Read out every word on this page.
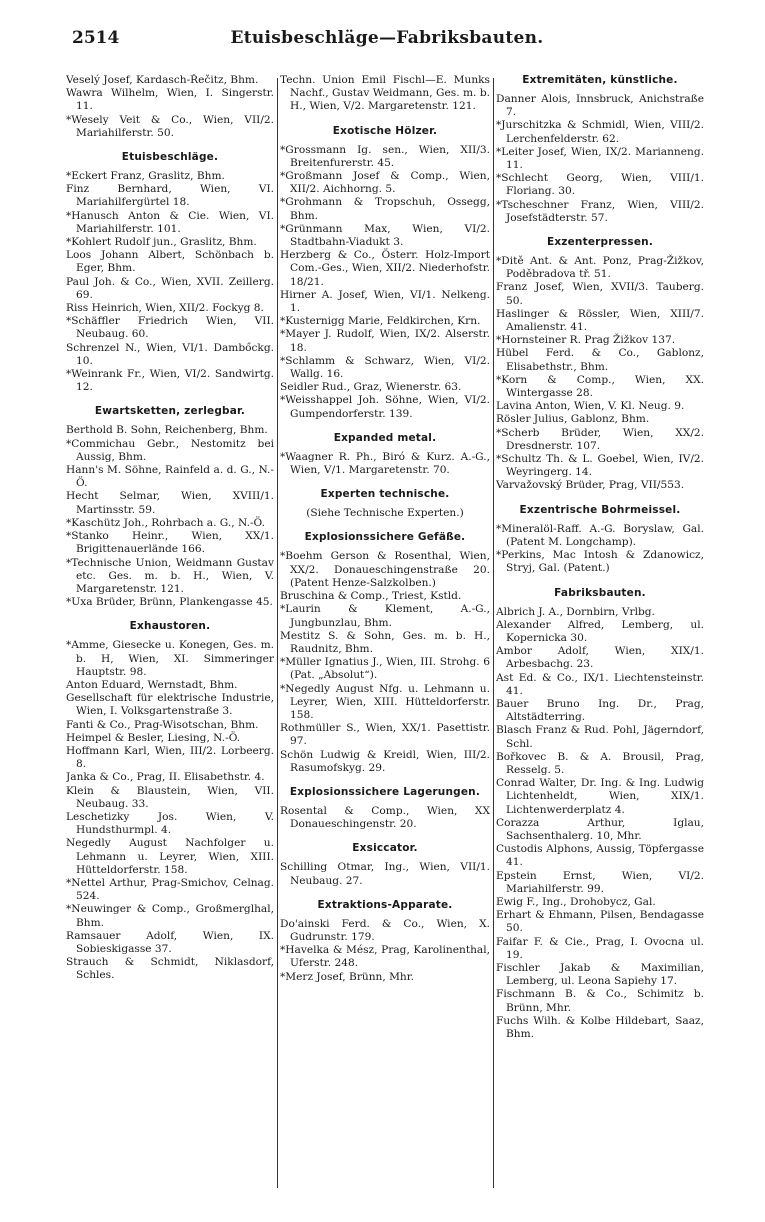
2514	Etuisbeschläge—Fabriksbauten.

Veselý Josef, Kardasch-Řečitz, Bhm.

Wawra Wilhelm, Wien, I. Singerstr. 11.

*Wesely Veit & Co., Wien, VII/2. Mariahilferstr. 50.

Etuisbeschläge.

*Eckert Franz, Graslitz, Bhm.

Finz Bernhard, Wien, VI. Mariahilfergürtel 18.

*Hanusch Anton & Cie. Wien, VI. Mariahilferstr. 101.

*Kohlert Rudolf jun., Graslitz, Bhm.

Loos Johann Albert, Schönbach b. Eger, Bhm.

Paul Joh. & Co., Wien, XVII. Zeillerg. 69.

Riss Heinrich, Wien, XII/2. Fockyg 8.

*Schäffler Friedrich Wien, VII. Neubaug. 60.

Schrenzel N., Wien, VI/1. Dambőckg. 10.

*Weinrank Fr., Wien, VI/2. Sandwirtg. 12.

Ewartsketten, zerlegbar.

Berthold B. Sohn, Reichenberg, Bhm.

*Commichau Gebr., Nestomitz bei Aussig, Bhm.

Hann's M. Söhne, Rainfeld a. d. G., N.-Ö.

Hecht Selmar, Wien, XVIII/1. Martinsstr. 59.

*Kaschütz Joh., Rohrbach a. G., N.-Ö.

*Stanko Heinr., Wien, XX/1. Brigittenauerlände 166.

*Technische Union, Weidmann Gustav etc. Ges. m. b. H., Wien, V. Margaretenstr. 121.

*Uxa Brüder, Brünn, Plankengasse 45.

Exhaustoren.

*Amme, Giesecke u. Konegen, Ges. m. b. H, Wien, XI. Simmeringer Hauptstr. 98.

Anton Eduard, Wernstadt, Bhm.

Gesellschaft für elektrische Industrie, Wien, I. Volksgartenstraße 3.

Fanti & Co., Prag-Wisotschan, Bhm.

Heimpel & Besler, Liesing, N.-Ö.

Hoffmann Karl, Wien, III/2. Lorbeerg. 8.

Janka & Co., Prag, II. Elisabethstr. 4.

Klein & Blaustein, Wien, VII. Neubaug. 33.

Leschetizky Jos. Wien, V. Hundsthurmpl. 4.

Negedly August Nachfolger u. Lehmann u. Leyrer, Wien, XIII. Hütteldorferstr. 158.

*Nettel Arthur, Prag-Smichov, Celnag. 524.

*Neuwinger & Comp., Großmerglhal, Bhm.

Ramsauer Adolf, Wien, IX. Sobieskigasse 37.

Strauch & Schmidt, Niklasdorf, Schles.

Techn. Union Emil Fischl—E. Munks Nachf., Gustav Weidmann, Ges. m. b. H., Wien, V/2. Margaretenstr. 121.

Exotische Hölzer.

*Grossmann Ig. sen., Wien, XII/3. Breitenfurerstr. 45.

*Großmann Josef & Comp., Wien, XII/2. Aichhorng. 5.

*Grohmann & Tropschuh, Ossegg, Bhm.

*Grünmann Max, Wien, VI/2. Stadtbahn-Viadukt 3.

Herzberg & Co., Österr. Holz-Import Com.-Ges., Wien, XII/2. Niederhofstr. 18/21.

Hirner A. Josef, Wien, VI/1. Nelkeng. 1.

*Kusternigg Marie, Feldkirchen, Krn.

*Mayer J. Rudolf, Wien, IX/2. Alserstr. 18.

*Schlamm & Schwarz, Wien, VI/2. Wallg. 16.

Seidler Rud., Graz, Wienerstr. 63.

*Weisshappel Joh. Söhne, Wien, VI/2. Gumpendorferstr. 139.

Expanded metal.

*Waagner R. Ph., Biró & Kurz. A.-G., Wien, V/1. Margaretenstr. 70.

Experten technische.
(Siehe Technische Experten.)
Explosionssichere Gefäße.

*Boehm Gerson & Rosenthal, Wien, XX/2. Donaueschingenstraße 20. (Patent Henze-Salzkolben.)

Bruschina & Comp., Triest, Kstld.

*Laurin & Klement, A.-G., Jungbunzlau, Bhm.

Mestitz S. & Sohn, Ges. m. b. H., Raudnitz, Bhm.

*Müller Ignatius J., Wien, III. Strohg. 6 (Pat. „Absolut“).

*Negedly August Nfg. u. Lehmann u. Leyrer, Wien, XIII. Hütteldorferstr. 158.

Rothmüller S., Wien, XX/1. Pasettistr. 97.

Schön Ludwig & Kreidl, Wien, III/2. Rasumofskyg. 29.

Explosionssichere Lagerungen.

Rosental & Comp., Wien, XX Donaueschingenstr. 20.

Exsiccator.

Schilling Otmar, Ing., Wien, VII/1. Neubaug. 27.

Extraktions-Apparate.

Do'ainski Ferd. & Co., Wien, X. Gudrunstr. 179.

*Havelka & Mész, Prag, Karolinenthal, Uferstr. 248.

*Merz Josef, Brünn, Mhr.

Extremitäten, künstliche.

Danner Alois, Innsbruck, Anichstraße 7.

*Jurschitzka & Schmidl, Wien, VIII/2. Lerchenfelderstr. 62.

*Leiter Josef, Wien, IX/2. Marianneng. 11.

*Schlecht Georg, Wien, VIII/1. Floriang. 30.

*Tscheschner Franz, Wien, VIII/2. Josefstädterstr. 57.

Exzenterpressen.

*Ditě Ant. & Ant. Ponz, Prag-Žižkov, Poděbradova tř. 51.

Franz Josef, Wien, XVII/3. Tauberg. 50.

Haslinger & Rössler, Wien, XIII/7. Amalienstr. 41.

*Hornsteiner R. Prag Žižkov 137.

Hübel Ferd. & Co., Gablonz, Elisabethstr., Bhm.

*Korn & Comp., Wien, XX. Wintergasse 28.

Lavina Anton, Wien, V. Kl. Neug. 9.

Rösler Julius, Gablonz, Bhm.

*Scherb Brüder, Wien, XX/2. Dresdnerstr. 107.

*Schultz Th. & L. Goebel, Wien, IV/2. Weyringerg. 14.

Varvažovský Brüder, Prag, VII/553.

Exzentrische Bohrmeissel.

*Mineralöl-Raff. A.-G. Boryslaw, Gal. (Patent M. Longchamp).

*Perkins, Mac Intosh & Zdanowicz, Stryj, Gal. (Patent.)

Fabriksbauten.

Albrich J. A., Dornbirn, Vrlbg.

Alexander Alfred, Lemberg, ul. Kopernicka 30.

Ambor Adolf, Wien, XIX/1. Arbesbachg. 23.

Ast Ed. & Co., IX/1. Liechtensteinstr. 41.

Bauer Bruno Ing. Dr., Prag, Altstädterring.

Blasch Franz & Rud. Pohl, Jägerndorf, Schl.

Bořkovec B. & A. Brousil, Prag, Resselg. 5.

Conrad Walter, Dr. Ing. & Ing. Ludwig Lichtenheldt, Wien, XIX/1. Lichtenwerderplatz 4.

Corazza Arthur, Iglau, Sachsenthalerg. 10, Mhr.

Custodis Alphons, Aussig, Töpfergasse 41.

Epstein Ernst, Wien, VI/2. Mariahilferstr. 99.

Ewig F., Ing., Drohobycz, Gal.

Erhart & Ehmann, Pilsen, Bendagasse 50.

Faifar F. & Cie., Prag, I. Ovocna ul. 19.

Fischler Jakab & Maximilian, Lemberg, ul. Leona Sapiehy 17.

Fischmann B. & Co., Schimitz b. Brünn, Mhr.

Fuchs Wilh. & Kolbe Hildebart, Saaz, Bhm.
